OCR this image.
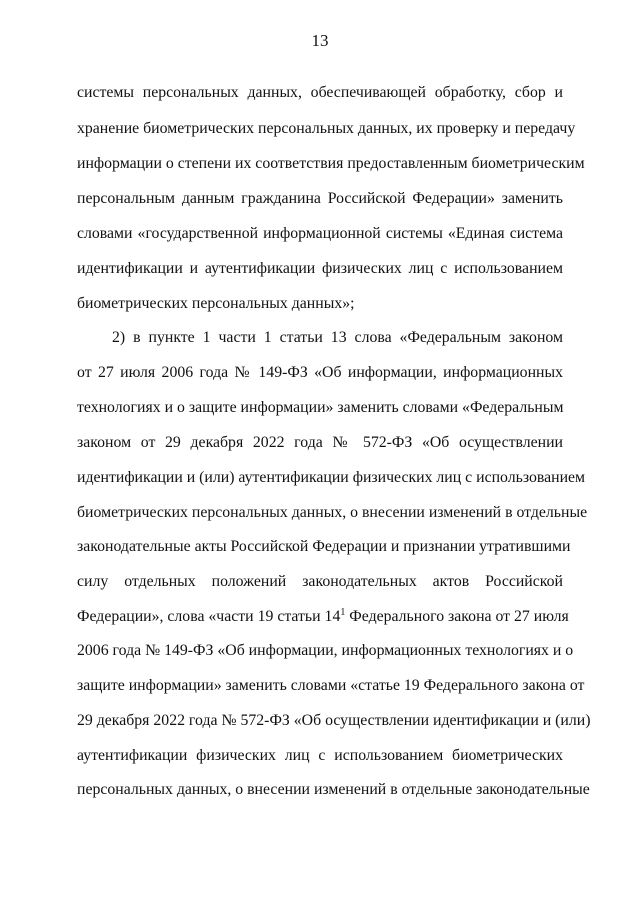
13
системы персональных данных, обеспечивающей обработку, сбор и
хранение биометрических персональных данных, их проверку и передачу
информации о степени их соответствия предоставленным биометрическим
персональным данным гражданина Российской Федерации» заменить
словами «государственной информационной системы «Единая система
идентификации и аутентификации физических лиц с использованием
биометрических персональных данных»;
2) в пункте 1 части 1 статьи 13 слова «Федеральным законом
от 27 июля 2006 года № 149-ФЗ «Об информации, информационных
технологиях и о защите информации» заменить словами «Федеральным
законом от 29 декабря 2022 года № 572-ФЗ «Об осуществлении
идентификации и (или) аутентификации физических лиц с использованием
биометрических персональных данных, о внесении изменений в отдельные
законодательные акты Российской Федерации и признании утратившими
силу отдельных положений законодательных актов Российской
Федерации», слова «части 19 статьи $14^1$ Федерального закона от 27 июля
2006 года № 149-ФЗ «Об информации, информационных технологиях и о
защите информации» заменить словами «статье 19 Федерального закона от
29 декабря 2022 года № 572-ФЗ «Об осуществлении идентификации и (или)
аутентификации физических лиц с использованием биометрических
персональных данных, о внесении изменений в отдельные законодательные
